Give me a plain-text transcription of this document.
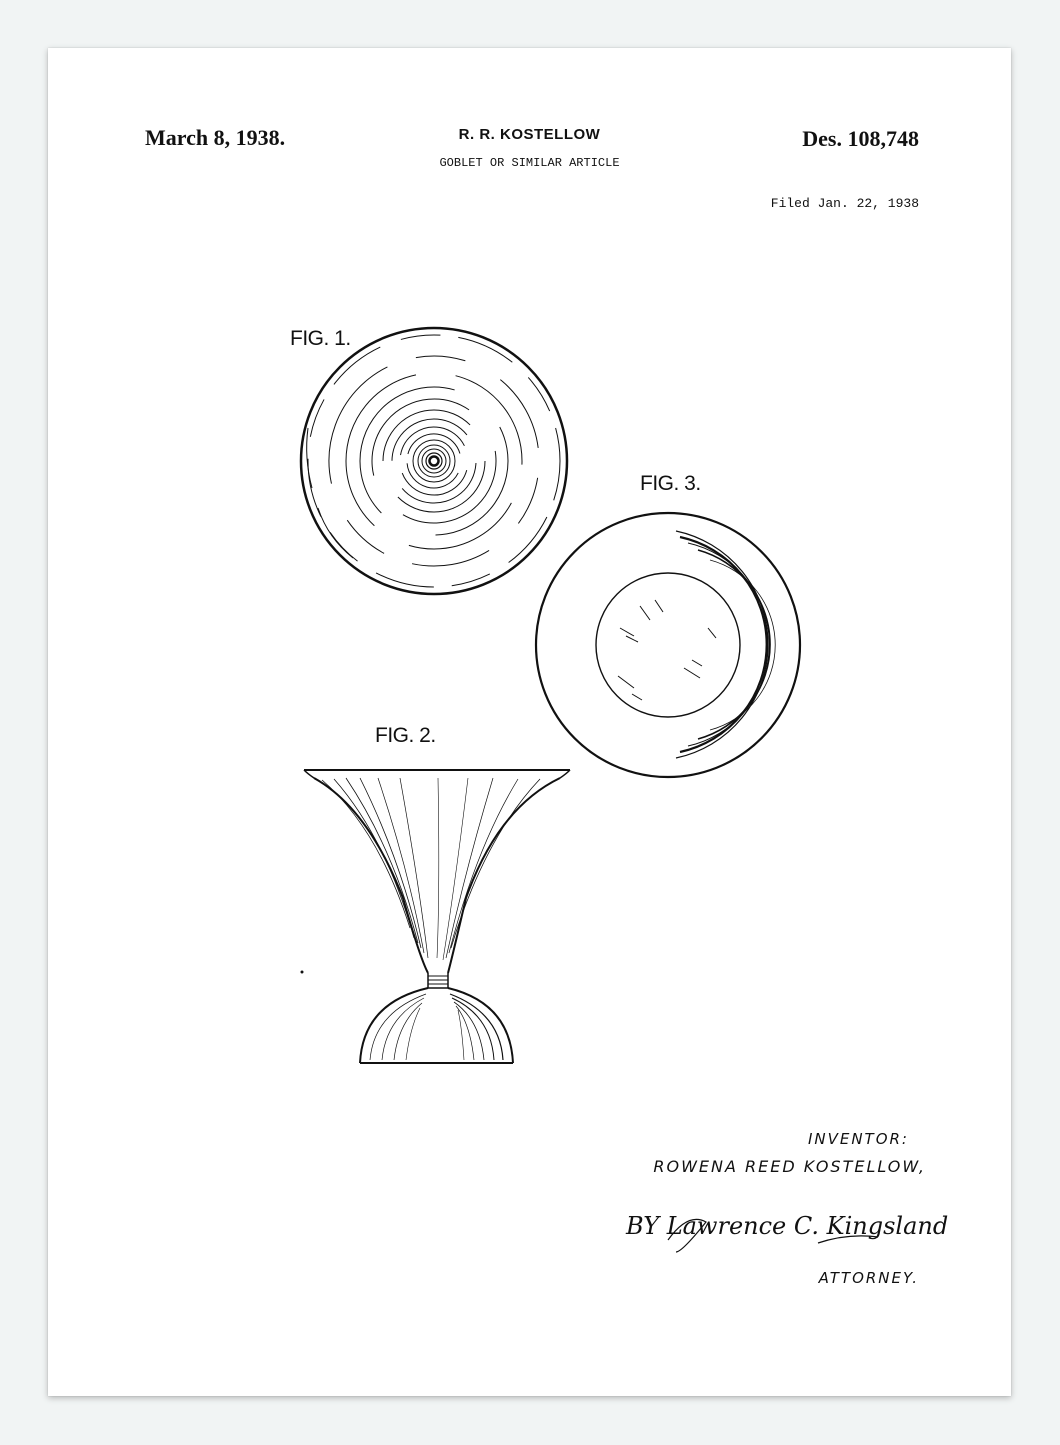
March 8, 1938.	R. R. KOSTELLOW
GOBLET OR SIMILAR ARTICLE
Des. 108,748
Filed Jan. 22, 1938
FIG. 1.
FIG. 3.
FIG. 2.
INVENTOR:
ROWENA REED KOSTELLOW,
BY Lawrence C. Kingsland
ATTORNEY.
